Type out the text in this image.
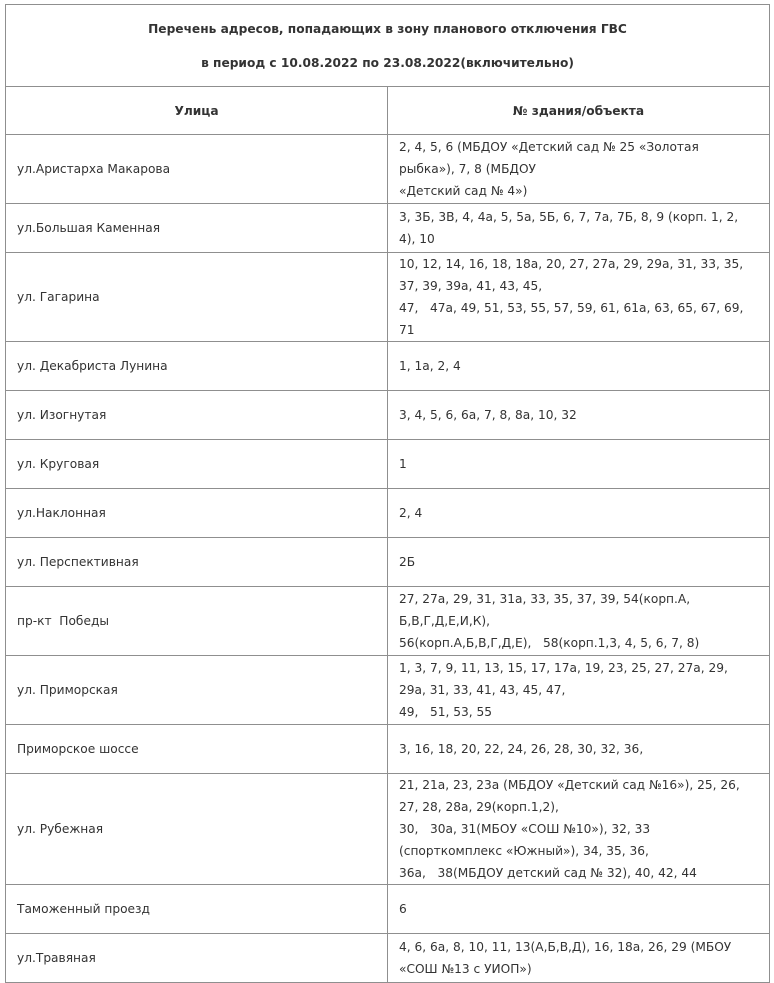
Перечень адресов, попадающих в зону планового отключения ГВС
в период с 10.08.2022 по 23.08.2022(включительно)	

Улица	№ здания/объекта

ул.Аристарха Макарова	2, 4, 5, 6 (МБДОУ «Детский сад № 25 «Золотая рыбка»), 7, 8 (МБДОУ
«Детский сад № 4»)

ул.Большая Каменная	3, 3Б, 3В, 4, 4а, 5, 5а, 5Б, 6, 7, 7а, 7Б, 8, 9 (корп. 1, 2, 4), 10

ул. Гагарина	10, 12, 14, 16, 18, 18а, 20, 27, 27а, 29, 29а, 31, 33, 35, 37, 39, 39а, 41, 43, 45,
47,   47а, 49, 51, 53, 55, 57, 59, 61, 61а, 63, 65, 67, 69, 71

ул. Декабриста Лунина	1, 1а, 2, 4

ул. Изогнутая	3, 4, 5, 6, 6а, 7, 8, 8а, 10, 32

ул. Круговая	1

ул.Наклонная	2, 4

ул. Перспективная	2Б

пр-кт  Победы	27, 27а, 29, 31, 31а, 33, 35, 37, 39, 54(корп.А, Б,В,Г,Д,Е,И,К),
56(корп.А,Б,В,Г,Д,Е),   58(корп.1,3, 4, 5, 6, 7, 8)

ул. Приморская	1, 3, 7, 9, 11, 13, 15, 17, 17а, 19, 23, 25, 27, 27а, 29, 29а, 31, 33, 41, 43, 45, 47,
49,   51, 53, 55

Приморское шоссе	3, 16, 18, 20, 22, 24, 26, 28, 30, 32, 36,

ул. Рубежная	21, 21а, 23, 23а (МБДОУ «Детский сад №16»), 25, 26, 27, 28, 28а, 29(корп.1,2),
30,   30а, 31(МБОУ «СОШ №10»), 32, 33 (спорткомплекс «Южный»), 34, 35, 36,
36а,   38(МБДОУ детский сад № 32), 40, 42, 44

Таможенный проезд	6

ул.Травяная	4, 6, 6а, 8, 10, 11, 13(А,Б,В,Д), 16, 18а, 26, 29 (МБОУ «СОШ №13 с УИОП»)
